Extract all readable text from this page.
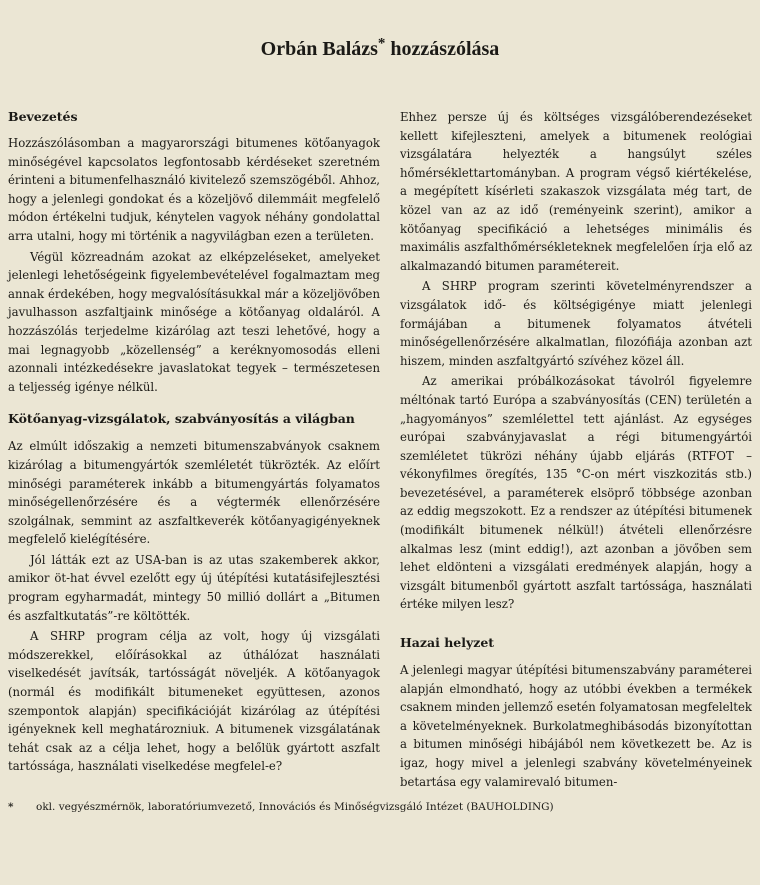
Orbán Balázs* hozzászólása
Bevezetés

Hozzászólásomban a magyarországi bitumenes kötőanyagok minőségével kapcsolatos legfontosabb kérdéseket szeretném érinteni a bitumenfelhasználó kivitelező szemszögéből. Ahhoz, hogy a jelenlegi gondokat és a közeljövő dilemmáit megfelelő módon értékelni tudjuk, kénytelen vagyok néhány gondolattal arra utalni, hogy mi történik a nagyvilágban ezen a területen.

Végül közreadnám azokat az elképzeléseket, amelyeket jelenlegi lehetőségeink figyelembevételével fogalmaztam meg annak érdekében, hogy megvalósításukkal már a közeljövőben javulhasson aszfaltjaink minősége a kötőanyag oldaláról. A hozzászólás terjedelme kizárólag azt teszi lehetővé, hogy a mai legnagyobb „közellenség” a keréknyomosodás elleni azonnali intézkedésekre javaslatokat tegyek – természetesen a teljesség igénye nélkül.

Kötőanyag-vizsgálatok, szabványosítás a világban

Az elmúlt időszakig a nemzeti bitumenszabványok csaknem kizárólag a bitumengyártók szemléletét tükrözték. Az előírt minőségi paraméterek inkább a bitumengyártás folyamatos minőségellenőrzésére és a végtermék ellenőrzésére szolgálnak, semmint az aszfaltkeverék kötőanyagigényeknek megfelelő kielégítésére.

Jól látták ezt az USA-ban is az utas szakemberek akkor, amikor öt-hat évvel ezelőtt egy új útépítési kutatásifejlesztési program egyharmadát, mintegy 50 millió dollárt a „Bitumen és aszfaltkutatás”-re költötték.

A SHRP program célja az volt, hogy új vizsgálati módszerekkel, előírásokkal az úthálózat használati viselkedését javítsák, tartósságát növeljék. A kötőanyagok (normál és modifikált bitumeneket együttesen, azonos szempontok alapján) specifikációját kizárólag az útépítési igényeknek kell meghatározniuk. A bitumenek vizsgálatának tehát csak az a célja lehet, hogy a belőlük gyártott aszfalt tartóssága, használati viselkedése megfelel-e?

Ehhez persze új és költséges vizsgálóberendezéseket kellett kifejleszteni, amelyek a bitumenek reológiai vizsgálatára helyezték a hangsúlyt széles hőmérséklettartományban. A program végső kiértékelése, a megépített kísérleti szakaszok vizsgálata még tart, de közel van az az idő (reményeink szerint), amikor a kötőanyag specifikáció a lehetséges minimális és maximális aszfalthőmérsékleteknek megfelelően írja elő az alkalmazandó bitumen paramétereit.

A SHRP program szerinti követelményrendszer a vizsgálatok idő- és költségigénye miatt jelenlegi formájában a bitumenek folyamatos átvételi minőségellenőrzésére alkalmatlan, filozófiája azonban azt hiszem, minden aszfaltgyártó szívéhez közel áll.

Az amerikai próbálkozásokat távolról figyelemre méltónak tartó Európa a szabványosítás (CEN) területén a „hagyományos” szemlélettel tett ajánlást. Az egységes európai szabványjavaslat a régi bitumengyártói szemléletet tükrözi néhány újabb eljárás (RTFOT – vékonyfilmes öregítés, 135 °C-on mért viszkozitás stb.) bevezetésével, a paraméterek elsöprő többsége azonban az eddig megszokott. Ez a rendszer az útépítési bitumenek (modifikált bitumenek nélkül!) átvételi ellenőrzésre alkalmas lesz (mint eddig!), azt azonban a jövőben sem lehet eldönteni a vizsgálati eredmények alapján, hogy a vizsgált bitumenből gyártott aszfalt tartóssága, használati értéke milyen lesz?

Hazai helyzet

A jelenlegi magyar útépítési bitumenszabvány paraméterei alapján elmondható, hogy az utóbbi években a termékek csaknem minden jellemző esetén folyamatosan megfeleltek a követelményeknek. Burkolatmeghibásodás bizonyítottan a bitumen minőségi hibájából nem következett be. Az is igaz, hogy mivel a jelenlegi szabvány követelményeinek betartása egy valamirevaló bitumen-

* okl. vegyészmérnök, laboratóriumvezető, Innovációs és Minőségvizsgáló Intézet (BAUHOLDING)
